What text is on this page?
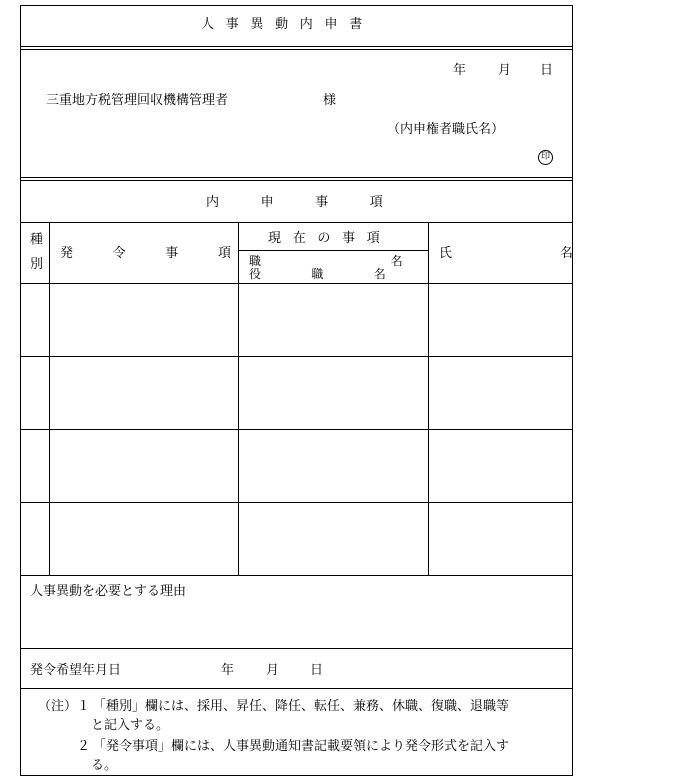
人事異動内申書
年 月 日
三重地方税管理回収機構管理者	様
（内申権者職氏名）
印
内申事項
種別 発令事項
現在の事項
職名
役職名
氏名
人事異動を必要とする理由
発令希望年月日	年 月 日
（注） １ 「種別」欄には、採用、昇任、降任、転任、兼務、休職、復職、退職等
と記入する。
２ 「発令事項」欄には、人事異動通知書記載要領により発令形式を記入す
る。
